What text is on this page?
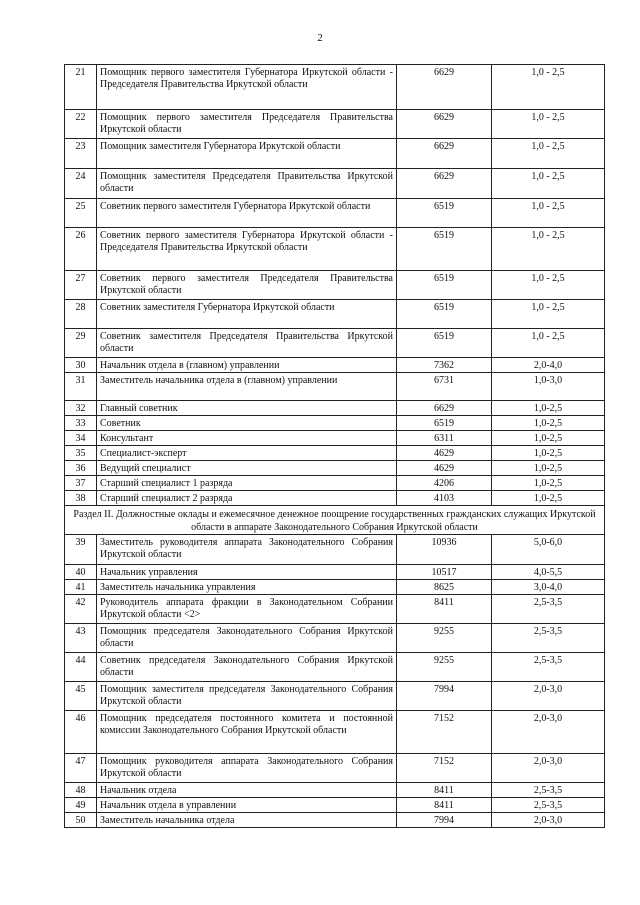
2
21	Помощник первого заместителя Губернатора Иркутской области - Председателя Правительства Иркутской области	6629	1,0 - 2,5
22	Помощник первого заместителя Председателя Правительства Иркутской области	6629	1,0 - 2,5
23	Помощник заместителя Губернатора Иркутской области	6629	1,0 - 2,5
24	Помощник заместителя Председателя Правительства Иркутской области	6629	1,0 - 2,5
25	Советник первого заместителя Губернатора Иркутской области	6519	1,0 - 2,5
26	Советник первого заместителя Губернатора Иркутской области - Председателя Правительства Иркутской области	6519	1,0 - 2,5
27	Советник первого заместителя Председателя Правительства Иркутской области	6519	1,0 - 2,5
28	Советник заместителя Губернатора Иркутской области	6519	1,0 - 2,5
29	Советник заместителя Председателя Правительства Иркутской области	6519	1,0 - 2,5
30	Начальник отдела в (главном) управлении	7362	2,0-4,0
31	Заместитель начальника отдела в (главном) управлении	6731	1,0-3,0
32	Главный советник	6629	1,0-2,5
33	Советник	6519	1,0-2,5
34	Консультант	6311	1,0-2,5
35	Специалист-эксперт	4629	1,0-2,5
36	Ведущий специалист	4629	1,0-2,5
37	Старший специалист 1 разряда	4206	1,0-2,5
38	Старший специалист 2 разряда	4103	1,0-2,5
Раздел II. Должностные оклады и ежемесячное денежное поощрение государственных гражданских служащих Иркутской области в аппарате Законодательного Собрания Иркутской области			
39	Заместитель руководителя аппарата Законодательного Собрания Иркутской области	10936	5,0-6,0
40	Начальник управления	10517	4,0-5,5
41	Заместитель начальника управления	8625	3,0-4,0
42	Руководитель аппарата фракции в Законодательном Собрании Иркутской области <2>	8411	2,5-3,5
43	Помощник председателя Законодательного Собрания Иркутской области	9255	2,5-3,5
44	Советник председателя Законодательного Собрания Иркутской области	9255	2,5-3,5
45	Помощник заместителя председателя Законодательного Собрания Иркутской области	7994	2,0-3,0
46	Помощник председателя постоянного комитета и постоянной комиссии Законодательного Собрания Иркутской области	7152	2,0-3,0
47	Помощник руководителя аппарата Законодательного Собрания Иркутской области	7152	2,0-3,0
48	Начальник отдела	8411	2,5-3,5
49	Начальник отдела в управлении	8411	2,5-3,5
50	Заместитель начальника отдела	7994	2,0-3,0
